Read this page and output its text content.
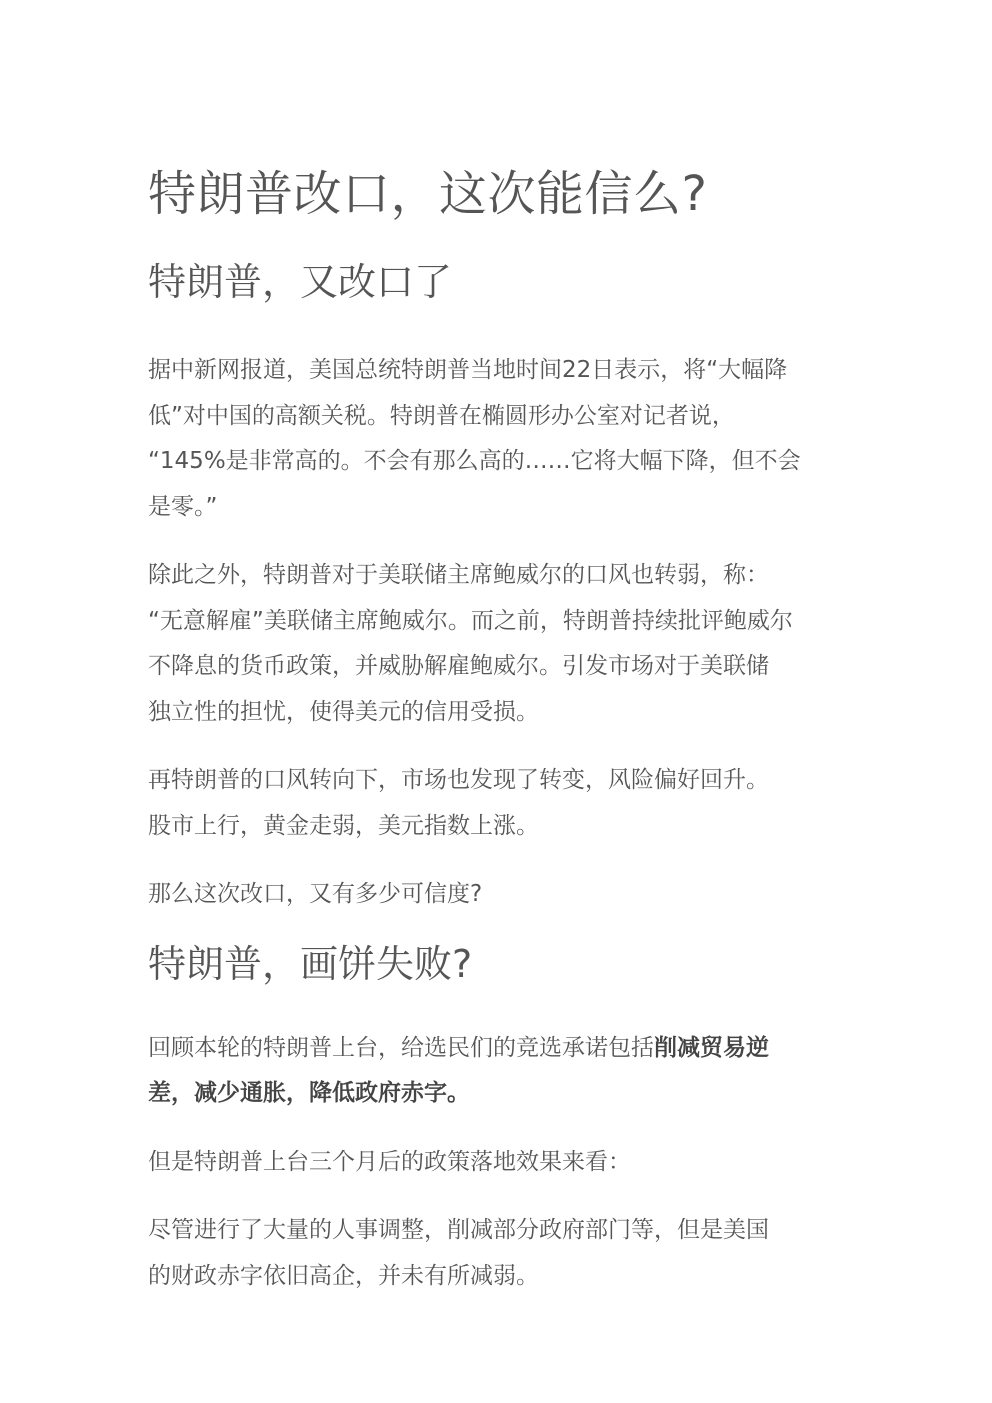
特朗普改口，这次能信么?
特朗普，又改口了
据中新网报道，美国总统特朗普当地时间22日表示，将“大幅降
低”对中国的高额关税。特朗普在椭圆形办公室对记者说，
“145%是非常高的。不会有那么高的……它将大幅下降，但不会
是零。”
除此之外，特朗普对于美联储主席鲍威尔的口风也转弱，称：
“无意解雇”美联储主席鲍威尔。而之前，特朗普持续批评鲍威尔
不降息的货币政策，并威胁解雇鲍威尔。引发市场对于美联储
独立性的担忧，使得美元的信用受损。
再特朗普的口风转向下，市场也发现了转变，风险偏好回升。
股市上行，黄金走弱，美元指数上涨。
那么这次改口，又有多少可信度?
特朗普，画饼失败?
回顾本轮的特朗普上台，给选民们的竞选承诺包括削减贸易逆
差，减少通胀，降低政府赤字。
但是特朗普上台三个月后的政策落地效果来看：
尽管进行了大量的人事调整，削减部分政府部门等，但是美国
的财政赤字依旧高企，并未有所减弱。
